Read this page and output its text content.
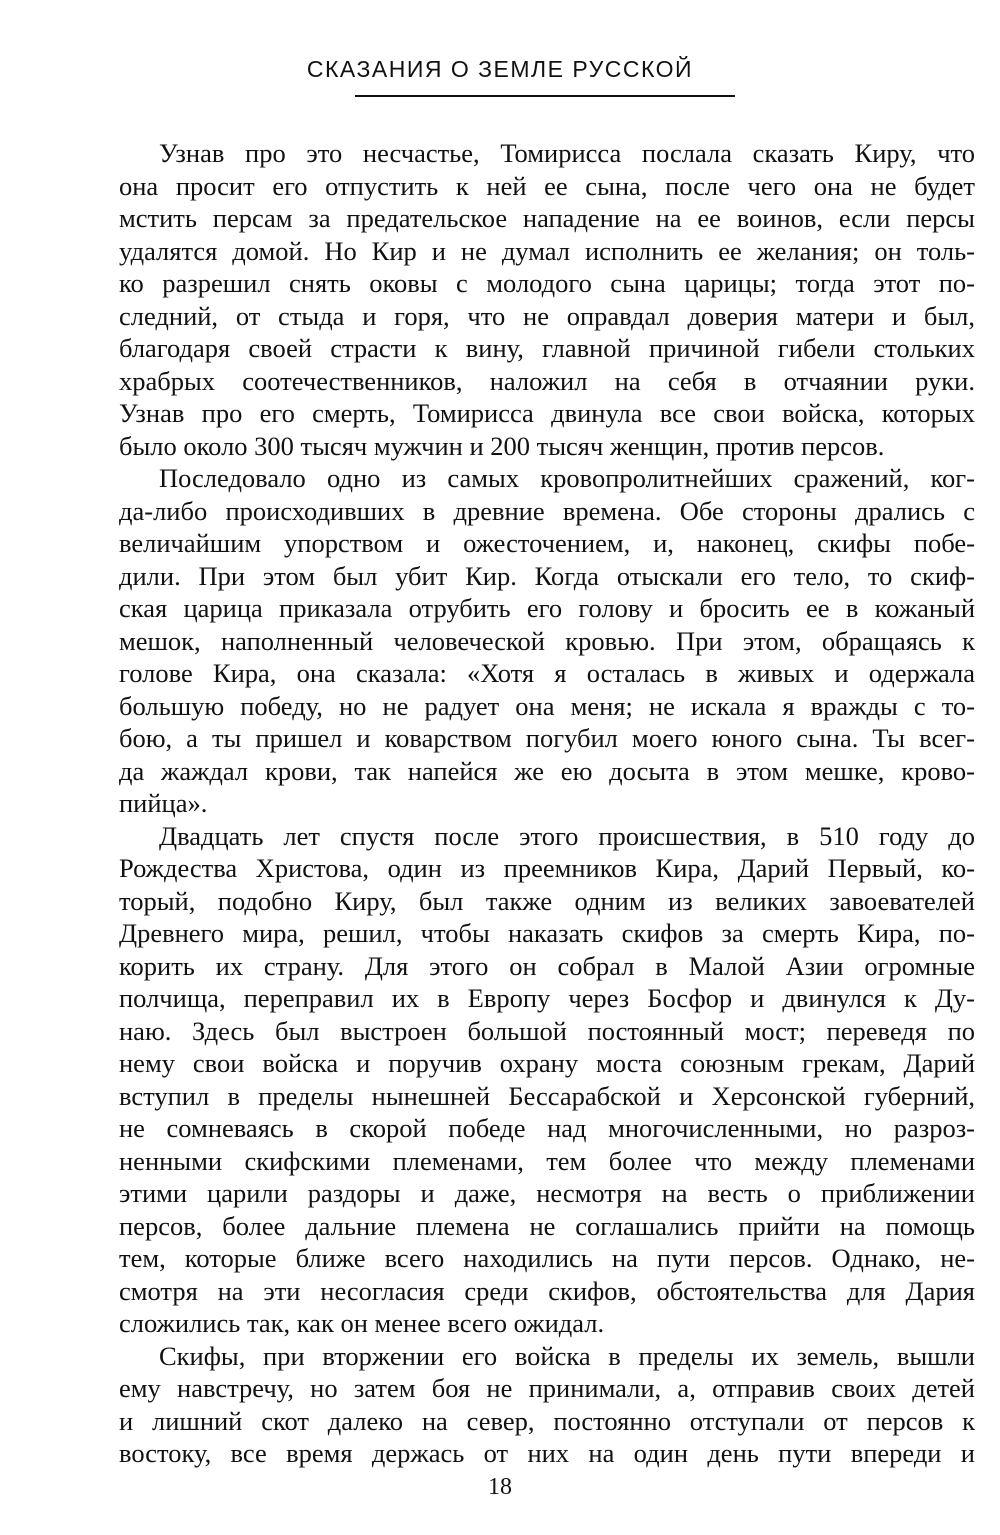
СКАЗАНИЯ О ЗЕМЛЕ РУССКОЙ
Узнав про это несчастье, Томирисса послала сказать Киру, что
она просит его отпустить к ней ее сына, после чего она не будет
мстить персам за предательское нападение на ее воинов, если персы
удалятся домой. Но Кир и не думал исполнить ее желания; он толь-
ко разрешил снять оковы с молодого сына царицы; тогда этот по-
следний, от стыда и горя, что не оправдал доверия матери и был,
благодаря своей страсти к вину, главной причиной гибели стольких
храбрых соотечественников, наложил на себя в отчаянии руки.
Узнав про его смерть, Томирисса двинула все свои войска, которых
было около 300 тысяч мужчин и 200 тысяч женщин, против персов.
Последовало одно из самых кровопролитнейших сражений, ког-
да-либо происходивших в древние времена. Обе стороны дрались с
величайшим упорством и ожесточением, и, наконец, скифы побе-
дили. При этом был убит Кир. Когда отыскали его тело, то скиф-
ская царица приказала отрубить его голову и бросить ее в кожаный
мешок, наполненный человеческой кровью. При этом, обращаясь к
голове Кира, она сказала: «Хотя я осталась в живых и одержала
большую победу, но не радует она меня; не искала я вражды с то-
бою, а ты пришел и коварством погубил моего юного сына. Ты всег-
да жаждал крови, так напейся же ею досыта в этом мешке, крово-
пийца».
Двадцать лет спустя после этого происшествия, в 510 году до
Рождества Христова, один из преемников Кира, Дарий Первый, ко-
торый, подобно Киру, был также одним из великих завоевателей
Древнего мира, решил, чтобы наказать скифов за смерть Кира, по-
корить их страну. Для этого он собрал в Малой Азии огромные
полчища, переправил их в Европу через Босфор и двинулся к Ду-
наю. Здесь был выстроен большой постоянный мост; переведя по
нему свои войска и поручив охрану моста союзным грекам, Дарий
вступил в пределы нынешней Бессарабской и Херсонской губерний,
не сомневаясь в скорой победе над многочисленными, но разроз-
ненными скифскими племенами, тем более что между племенами
этими царили раздоры и даже, несмотря на весть о приближении
персов, более дальние племена не соглашались прийти на помощь
тем, которые ближе всего находились на пути персов. Однако, не-
смотря на эти несогласия среди скифов, обстоятельства для Дария
сложились так, как он менее всего ожидал.
Скифы, при вторжении его войска в пределы их земель, вышли
ему навстречу, но затем боя не принимали, а, отправив своих детей
и лишний скот далеко на север, постоянно отступали от персов к
востоку, все время держась от них на один день пути впереди и
18
